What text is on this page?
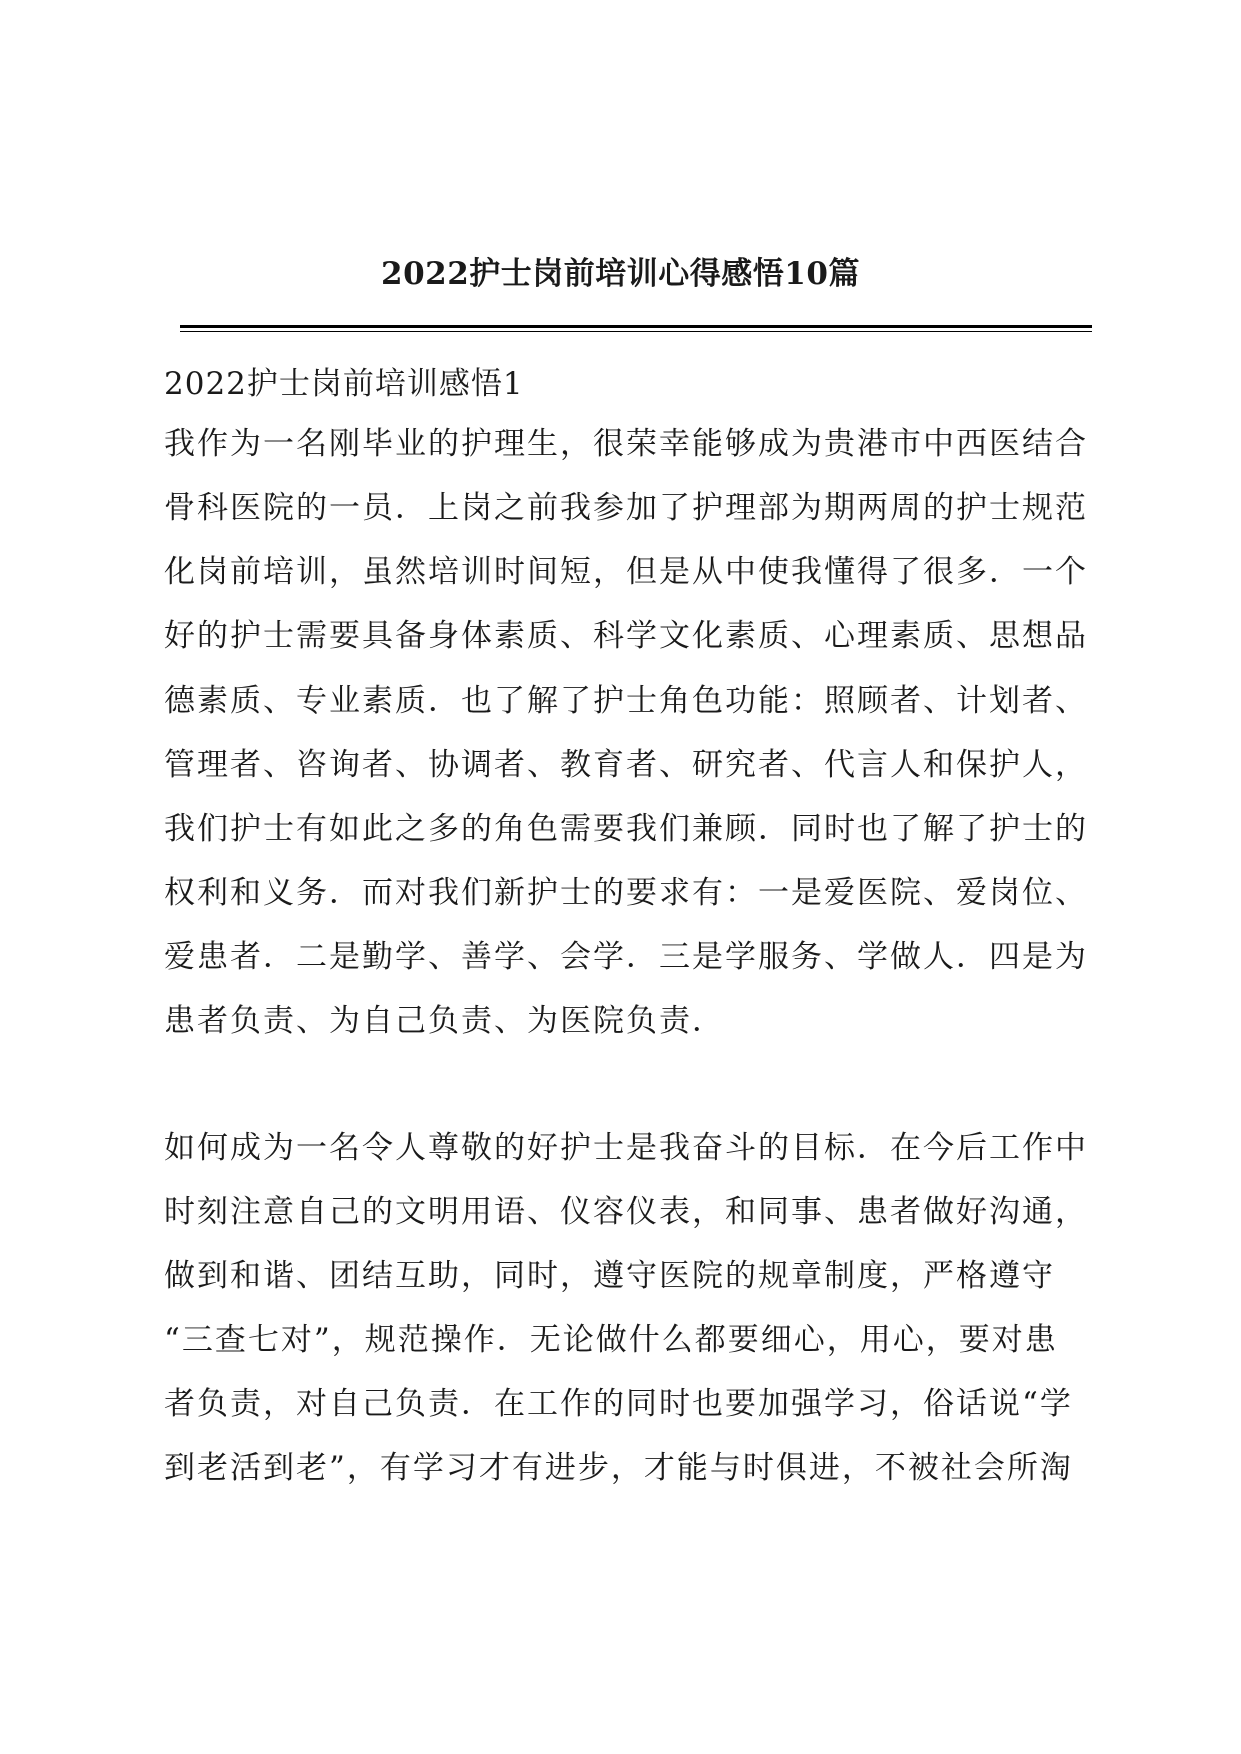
2022护士岗前培训心得感悟10篇
2022护士岗前培训感悟1
我作为一名刚毕业的护理生，很荣幸能够成为贵港市中西医结合
骨科医院的一员．上岗之前我参加了护理部为期两周的护士规范
化岗前培训，虽然培训时间短，但是从中使我懂得了很多．一个
好的护士需要具备身体素质、科学文化素质、心理素质、思想品
德素质、专业素质．也了解了护士角色功能：照顾者、计划者、
管理者、咨询者、协调者、教育者、研究者、代言人和保护人，
我们护士有如此之多的角色需要我们兼顾．同时也了解了护士的
权利和义务．而对我们新护士的要求有：一是爱医院、爱岗位、
爱患者．二是勤学、善学、会学．三是学服务、学做人．四是为
患者负责、为自己负责、为医院负责．
如何成为一名令人尊敬的好护士是我奋斗的目标．在今后工作中
时刻注意自己的文明用语、仪容仪表，和同事、患者做好沟通，
做到和谐、团结互助，同时，遵守医院的规章制度，严格遵守
“三查七对”，规范操作．无论做什么都要细心，用心，要对患
者负责，对自己负责．在工作的同时也要加强学习，俗话说“学
到老活到老”，有学习才有进步，才能与时俱进，不被社会所淘
